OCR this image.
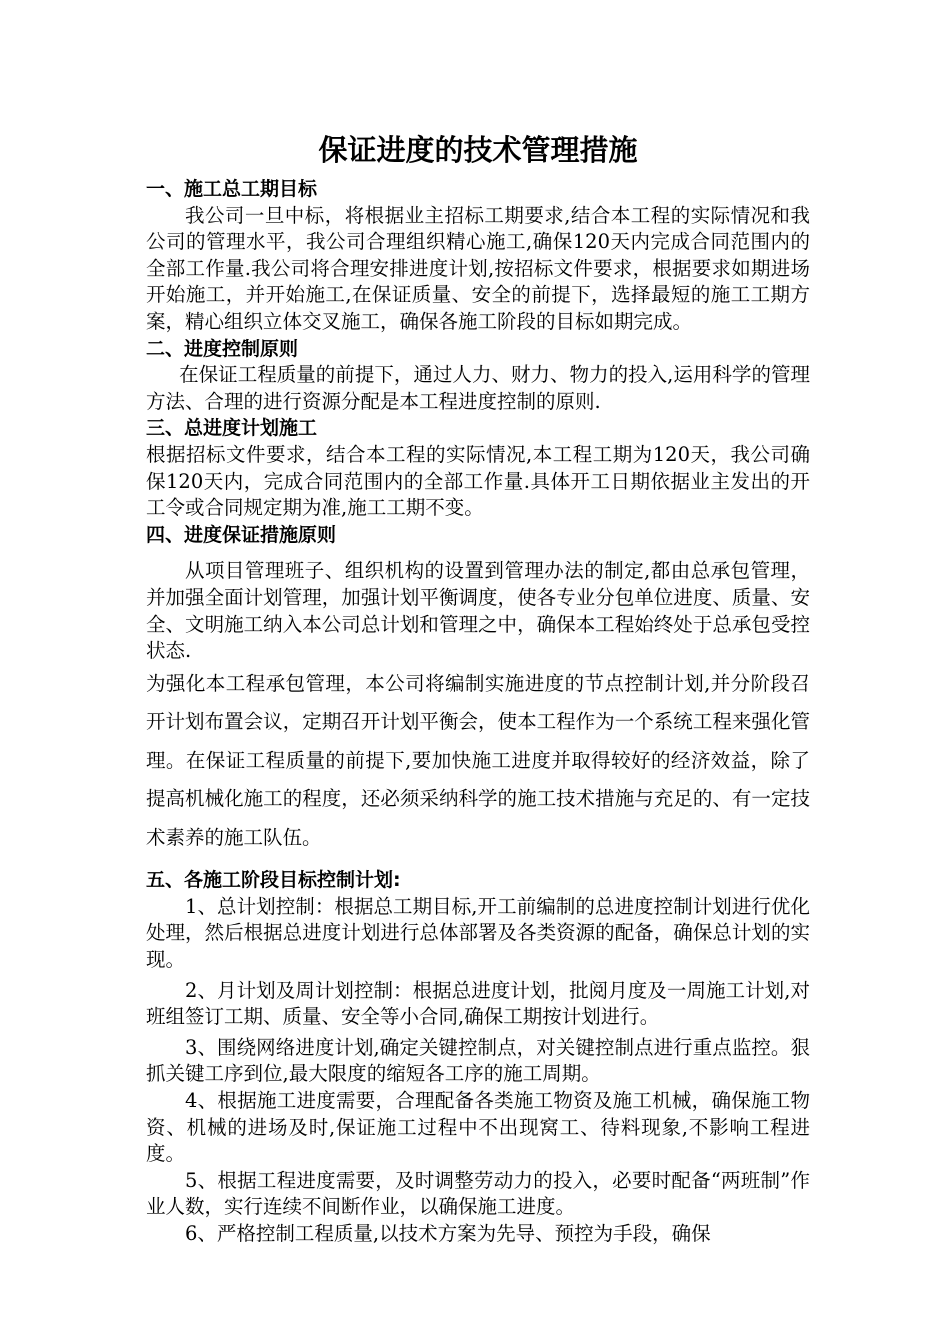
保证进度的技术管理措施

一、施工总工期目标

我公司一旦中标，将根据业主招标工期要求,结合本工程的实际情况和我公司的管理水平，我公司合理组织精心施工,确保120天内完成合同范围内的全部工作量.我公司将合理安排进度计划,按招标文件要求，根据要求如期进场开始施工，并开始施工,在保证质量、安全的前提下，选择最短的施工工期方案，精心组织立体交叉施工，确保各施工阶段的目标如期完成。

二、进度控制原则

在保证工程质量的前提下，通过人力、财力、物力的投入,运用科学的管理方法、合理的进行资源分配是本工程进度控制的原则.

三、总进度计划施工

根据招标文件要求，结合本工程的实际情况,本工程工期为120天，我公司确保120天内，完成合同范围内的全部工作量.具体开工日期依据业主发出的开工令或合同规定期为准,施工工期不变。

四、进度保证措施原则

从项目管理班子、组织机构的设置到管理办法的制定,都由总承包管理，并加强全面计划管理，加强计划平衡调度，使各专业分包单位进度、质量、安全、文明施工纳入本公司总计划和管理之中，确保本工程始终处于总承包受控状态.

为强化本工程承包管理，本公司将编制实施进度的节点控制计划,并分阶段召开计划布置会议，定期召开计划平衡会，使本工程作为一个系统工程来强化管理。在保证工程质量的前提下,要加快施工进度并取得较好的经济效益，除了提高机械化施工的程度，还必须采纳科学的施工技术措施与充足的、有一定技术素养的施工队伍。

五、各施工阶段目标控制计划:

1、总计划控制：根据总工期目标,开工前编制的总进度控制计划进行优化处理，然后根据总进度计划进行总体部署及各类资源的配备，确保总计划的实现。

2、月计划及周计划控制：根据总进度计划，批阅月度及一周施工计划,对班组签订工期、质量、安全等小合同,确保工期按计划进行。

3、围绕网络进度计划,确定关键控制点，对关键控制点进行重点监控。狠抓关键工序到位,最大限度的缩短各工序的施工周期。

4、根据施工进度需要，合理配备各类施工物资及施工机械，确保施工物资、机械的进场及时,保证施工过程中不出现窝工、待料现象,不影响工程进度。

5、根据工程进度需要，及时调整劳动力的投入，必要时配备“两班制”作业人数，实行连续不间断作业，以确保施工进度。

6、严格控制工程质量,以技术方案为先导、预控为手段，确保
